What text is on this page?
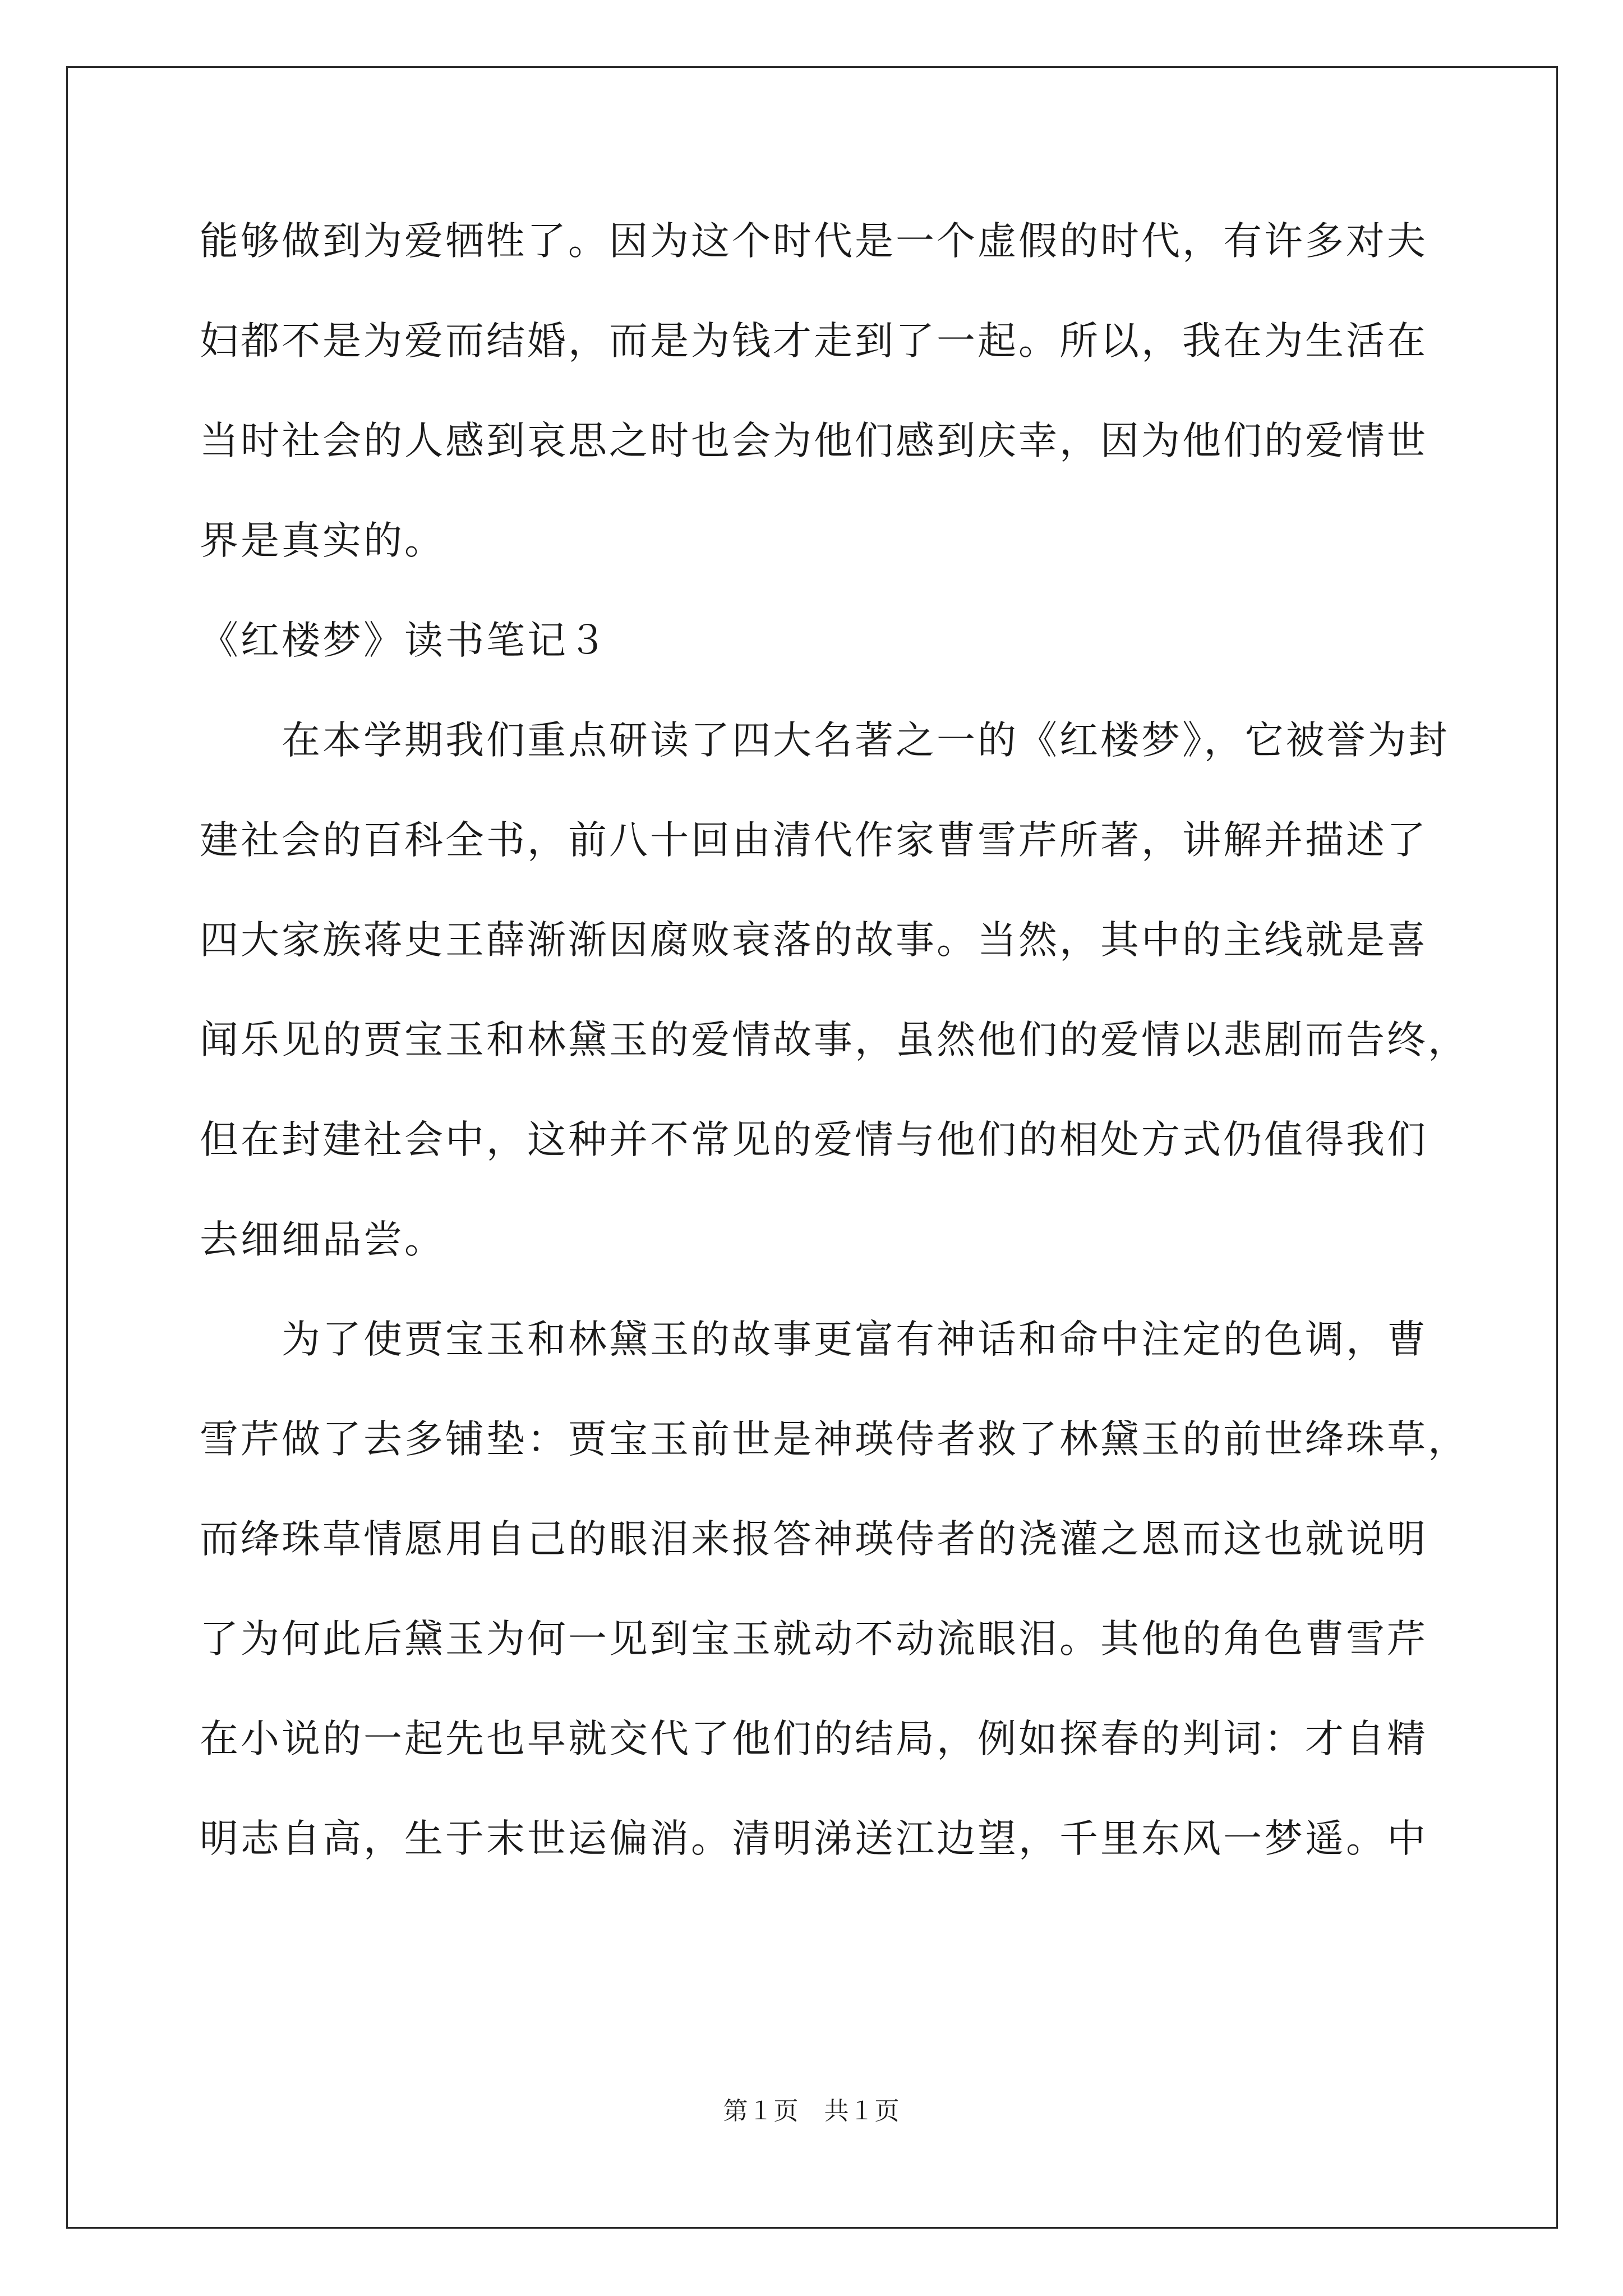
能够做到为爱牺牲了。因为这个时代是一个虚假的时代，有许多对夫
妇都不是为爱而结婚，而是为钱才走到了一起。所以，我在为生活在
当时社会的人感到哀思之时也会为他们感到庆幸，因为他们的爱情世
界是真实的。
《红楼梦》读书笔记３
　　在本学期我们重点研读了四大名著之一的《红楼梦》，它被誉为封
建社会的百科全书，前八十回由清代作家曹雪芹所著，讲解并描述了
四大家族蒋史王薛渐渐因腐败衰落的故事。当然，其中的主线就是喜
闻乐见的贾宝玉和林黛玉的爱情故事，虽然他们的爱情以悲剧而告终，
但在封建社会中，这种并不常见的爱情与他们的相处方式仍值得我们
去细细品尝。
　　为了使贾宝玉和林黛玉的故事更富有神话和命中注定的色调，曹
雪芹做了去多铺垫：贾宝玉前世是神瑛侍者救了林黛玉的前世绛珠草，
而绛珠草情愿用自己的眼泪来报答神瑛侍者的浇灌之恩而这也就说明
了为何此后黛玉为何一见到宝玉就动不动流眼泪。其他的角色曹雪芹
在小说的一起先也早就交代了他们的结局，例如探春的判词：才自精
明志自高，生于末世运偏消。清明涕送江边望，千里东风一梦遥。中
第１页　共１页
